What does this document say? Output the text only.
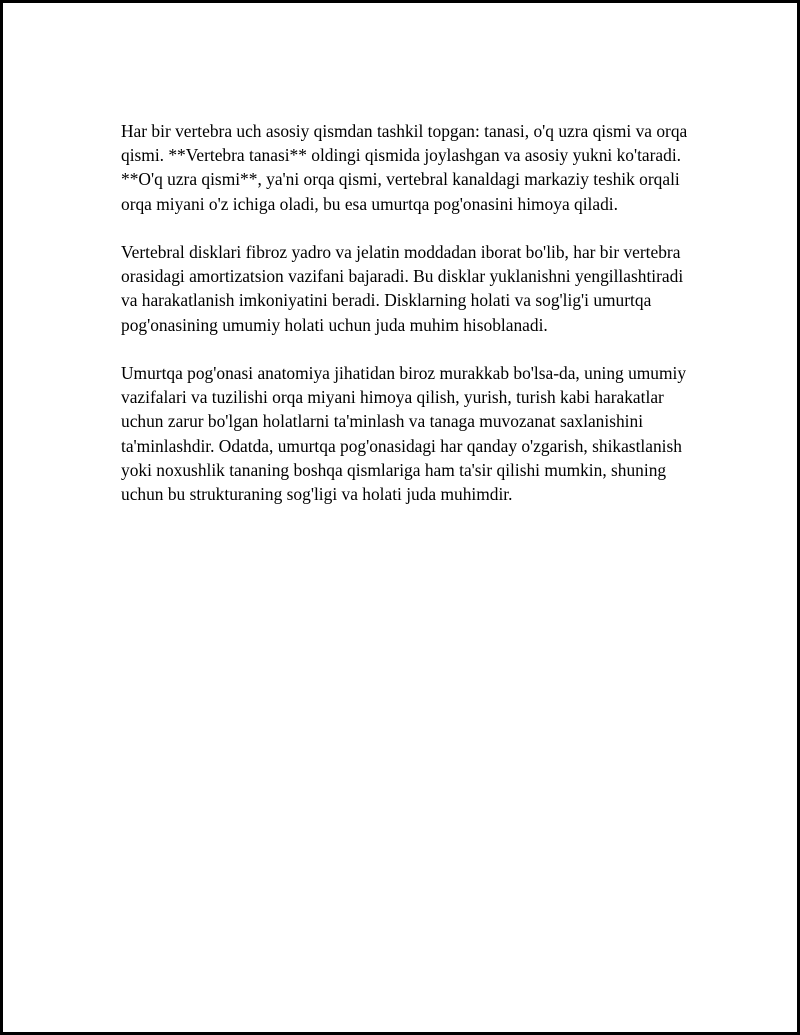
Har bir vertebra uch asosiy qismdan tashkil topgan: tanasi, o'q uzra qismi va orqa qismi. **Vertebra tanasi** oldingi qismida joylashgan va asosiy yukni ko'taradi. **O'q uzra qismi**, ya'ni orqa qismi, vertebral kanaldagi markaziy teshik orqali orqa miyani o'z ichiga oladi, bu esa umurtqa pog'onasini himoya qiladi.

Vertebral disklari fibroz yadro va jelatin moddadan iborat bo'lib, har bir vertebra orasidagi amortizatsion vazifani bajaradi. Bu disklar yuklanishni yengillashtiradi va harakatlanish imkoniyatini beradi. Disklarning holati va sog'lig'i umurtqa pog'onasining umumiy holati uchun juda muhim hisoblanadi.

Umurtqa pog'onasi anatomiya jihatidan biroz murakkab bo'lsa-da, uning umumiy vazifalari va tuzilishi orqa miyani himoya qilish, yurish, turish kabi harakatlar uchun zarur bo'lgan holatlarni ta'minlash va tanaga muvozanat saxlanishini ta'minlashdir. Odatda, umurtqa pog'onasidagi har qanday o'zgarish, shikastlanish yoki noxushlik tananing boshqa qismlariga ham ta'sir qilishi mumkin, shuning uchun bu strukturaning sog'ligi va holati juda muhimdir.
